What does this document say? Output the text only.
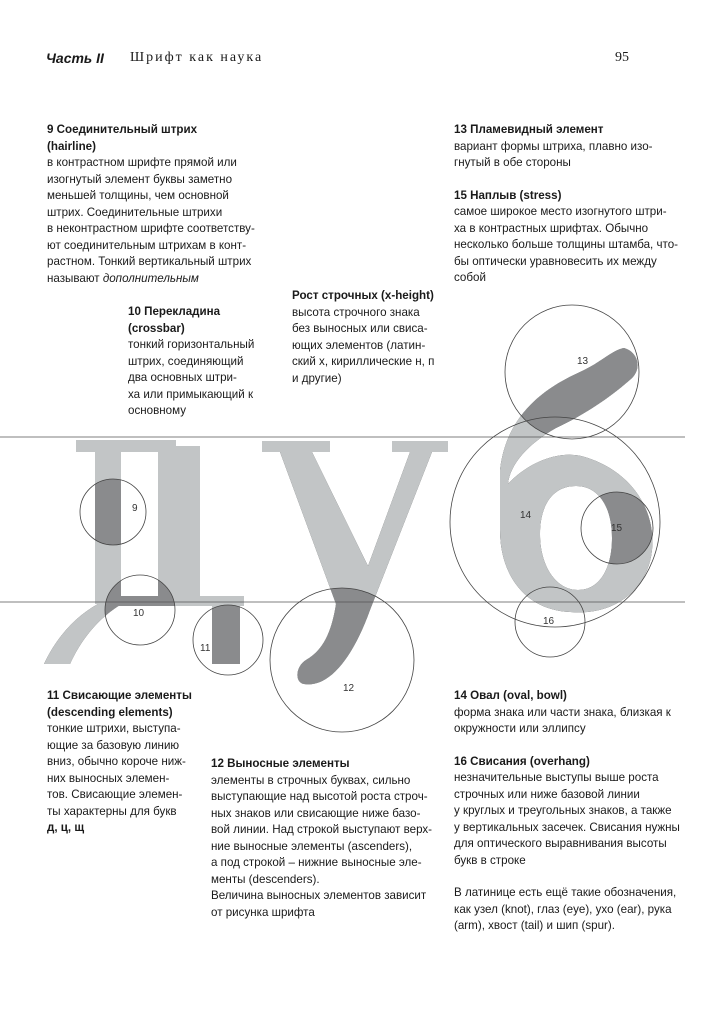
Часть II Шрифт как наука	95
9
10
11
12
13
14
15
16

9 Соединительный штрих

(hairline)

в контрастном шрифте прямой или

изогнутый элемент буквы заметно

меньшей толщины, чем основной

штрих. Соединительные штрихи

в неконтрастном шрифте соответству-

ют соединительным штрихам в конт-

растном. Тонкий вертикальный штрих

называют дополнительным

10 Перекладина

(crossbar)

тонкий горизонтальный

штрих, соединяющий

два основных штри-

ха или примыкающий к

основному

Рост строчных (x-height)

высота строчного знака

без выносных или свиса-

ющих элементов (латин-

ский x, кириллические н, п

и другие)

13 Пламевидный элемент

вариант формы штриха, плавно изо-

гнутый в обе стороны

15 Наплыв (stress)

самое широкое место изогнутого штри-

ха в контрастных шрифтах. Обычно

несколько больше толщины штамба, что-

бы оптически уравновесить их между

собой

11 Свисающие элементы

(descending elements)

тонкие штрихи, выступа-

ющие за базовую линию

вниз, обычно короче ниж-

них выносных элемен-

тов. Свисающие элемен-

ты характерны для букв

д, ц, щ

12 Выносные элементы

элементы в строчных буквах, сильно

выступающие над высотой роста строч-

ных знаков или свисающие ниже базо-

вой линии. Над строкой выступают верх-

ние выносные элементы (ascenders),

а под строкой – нижние выносные эле-

менты (descenders).

Величина выносных элементов зависит

от рисунка шрифта

14 Овал (oval, bowl)

форма знака или части знака, близкая к

окружности или эллипсу

16 Свисания (overhang)

незначительные выступы выше роста

строчных или ниже базовой линии

у круглых и треугольных знаков, а также

у вертикальных засечек. Свисания нужны

для оптического выравнивания высоты

букв в строке

В латинице есть ещё такие обозначения,

как узел (knot), глаз (eye), ухо (ear), рука

(arm), хвост (tail) и шип (spur).
